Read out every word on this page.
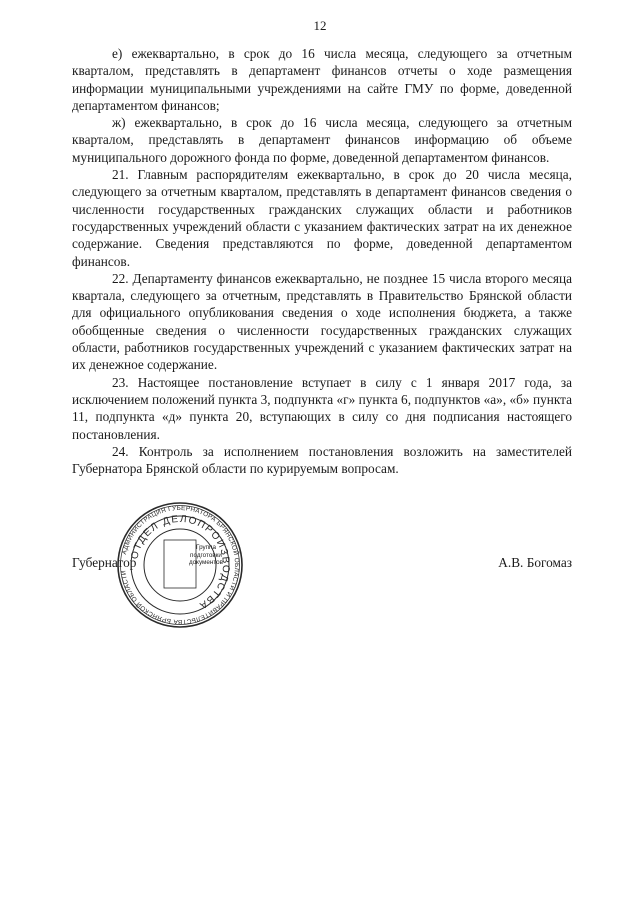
12

е) ежеквартально, в срок до 16 числа месяца, следующего за отчетным кварталом, представлять в департамент финансов отчеты о ходе размещения информации муниципальными учреждениями на сайте ГМУ по форме, доведенной департаментом финансов;

ж) ежеквартально, в срок до 16 числа месяца, следующего за отчетным кварталом, представлять в департамент финансов информацию об объеме муниципального дорожного фонда по форме, доведенной департаментом финансов.

21. Главным распорядителям ежеквартально, в срок до 20 числа месяца, следующего за отчетным кварталом, представлять в департамент финансов сведения о численности государственных гражданских служащих области и работников государственных учреждений области с указанием фактических затрат на их денежное содержание. Сведения представляются по форме, доведенной департаментом финансов.

22. Департаменту финансов ежеквартально, не позднее 15 числа второго месяца квартала, следующего за отчетным, представлять в Правительство Брянской области для официального опубликования сведения о ходе исполнения бюджета, а также обобщенные сведения о численности государственных гражданских служащих области, работников государственных учреждений с указанием фактических затрат на их денежное содержание.

23. Настоящее постановление вступает в силу с 1 января 2017 года, за исключением положений пункта 3, подпункта «г» пункта 6, подпунктов «а», «б» пункта 11, подпункта «д» пункта 20, вступающих в силу со дня подписания настоящего постановления.

24. Контроль за исполнением постановления возложить на заместителей Губернатора Брянской области по курируемым вопросам.

Губернатор	А.В. Богомаз
АДМИНИСТРАЦИЯ ГУБЕРНАТОРА БРЯНСКОЙ ОБЛАСТИ И ПРАВИТЕЛЬСТВА БРЯНСКОЙ ОБЛАСТИ
ОТДЕЛ ДЕЛОПРОИЗВОДСТВА
Группа подготовки документов
